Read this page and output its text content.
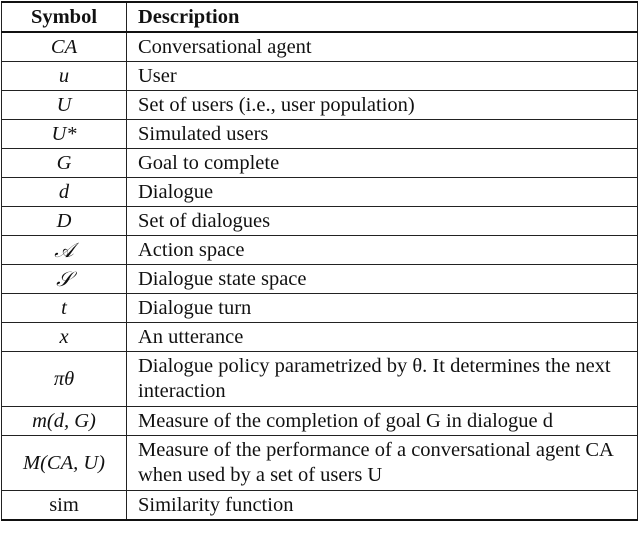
Symbol	Description
CA	Conversational agent
u	User
U	Set of users (i.e., user population)
U*	Simulated users
G	Goal to complete
d	Dialogue
D	Set of dialogues
𝒜	Action space
𝒮	Dialogue state space
t	Dialogue turn
x	An utterance
πθ	Dialogue policy parametrized by θ. It determines the next interaction
m(d, G)	Measure of the completion of goal G in dialogue d
M(CA, U)	Measure of the performance of a conversational agent CA when used by a set of users U
sim	Similarity function
